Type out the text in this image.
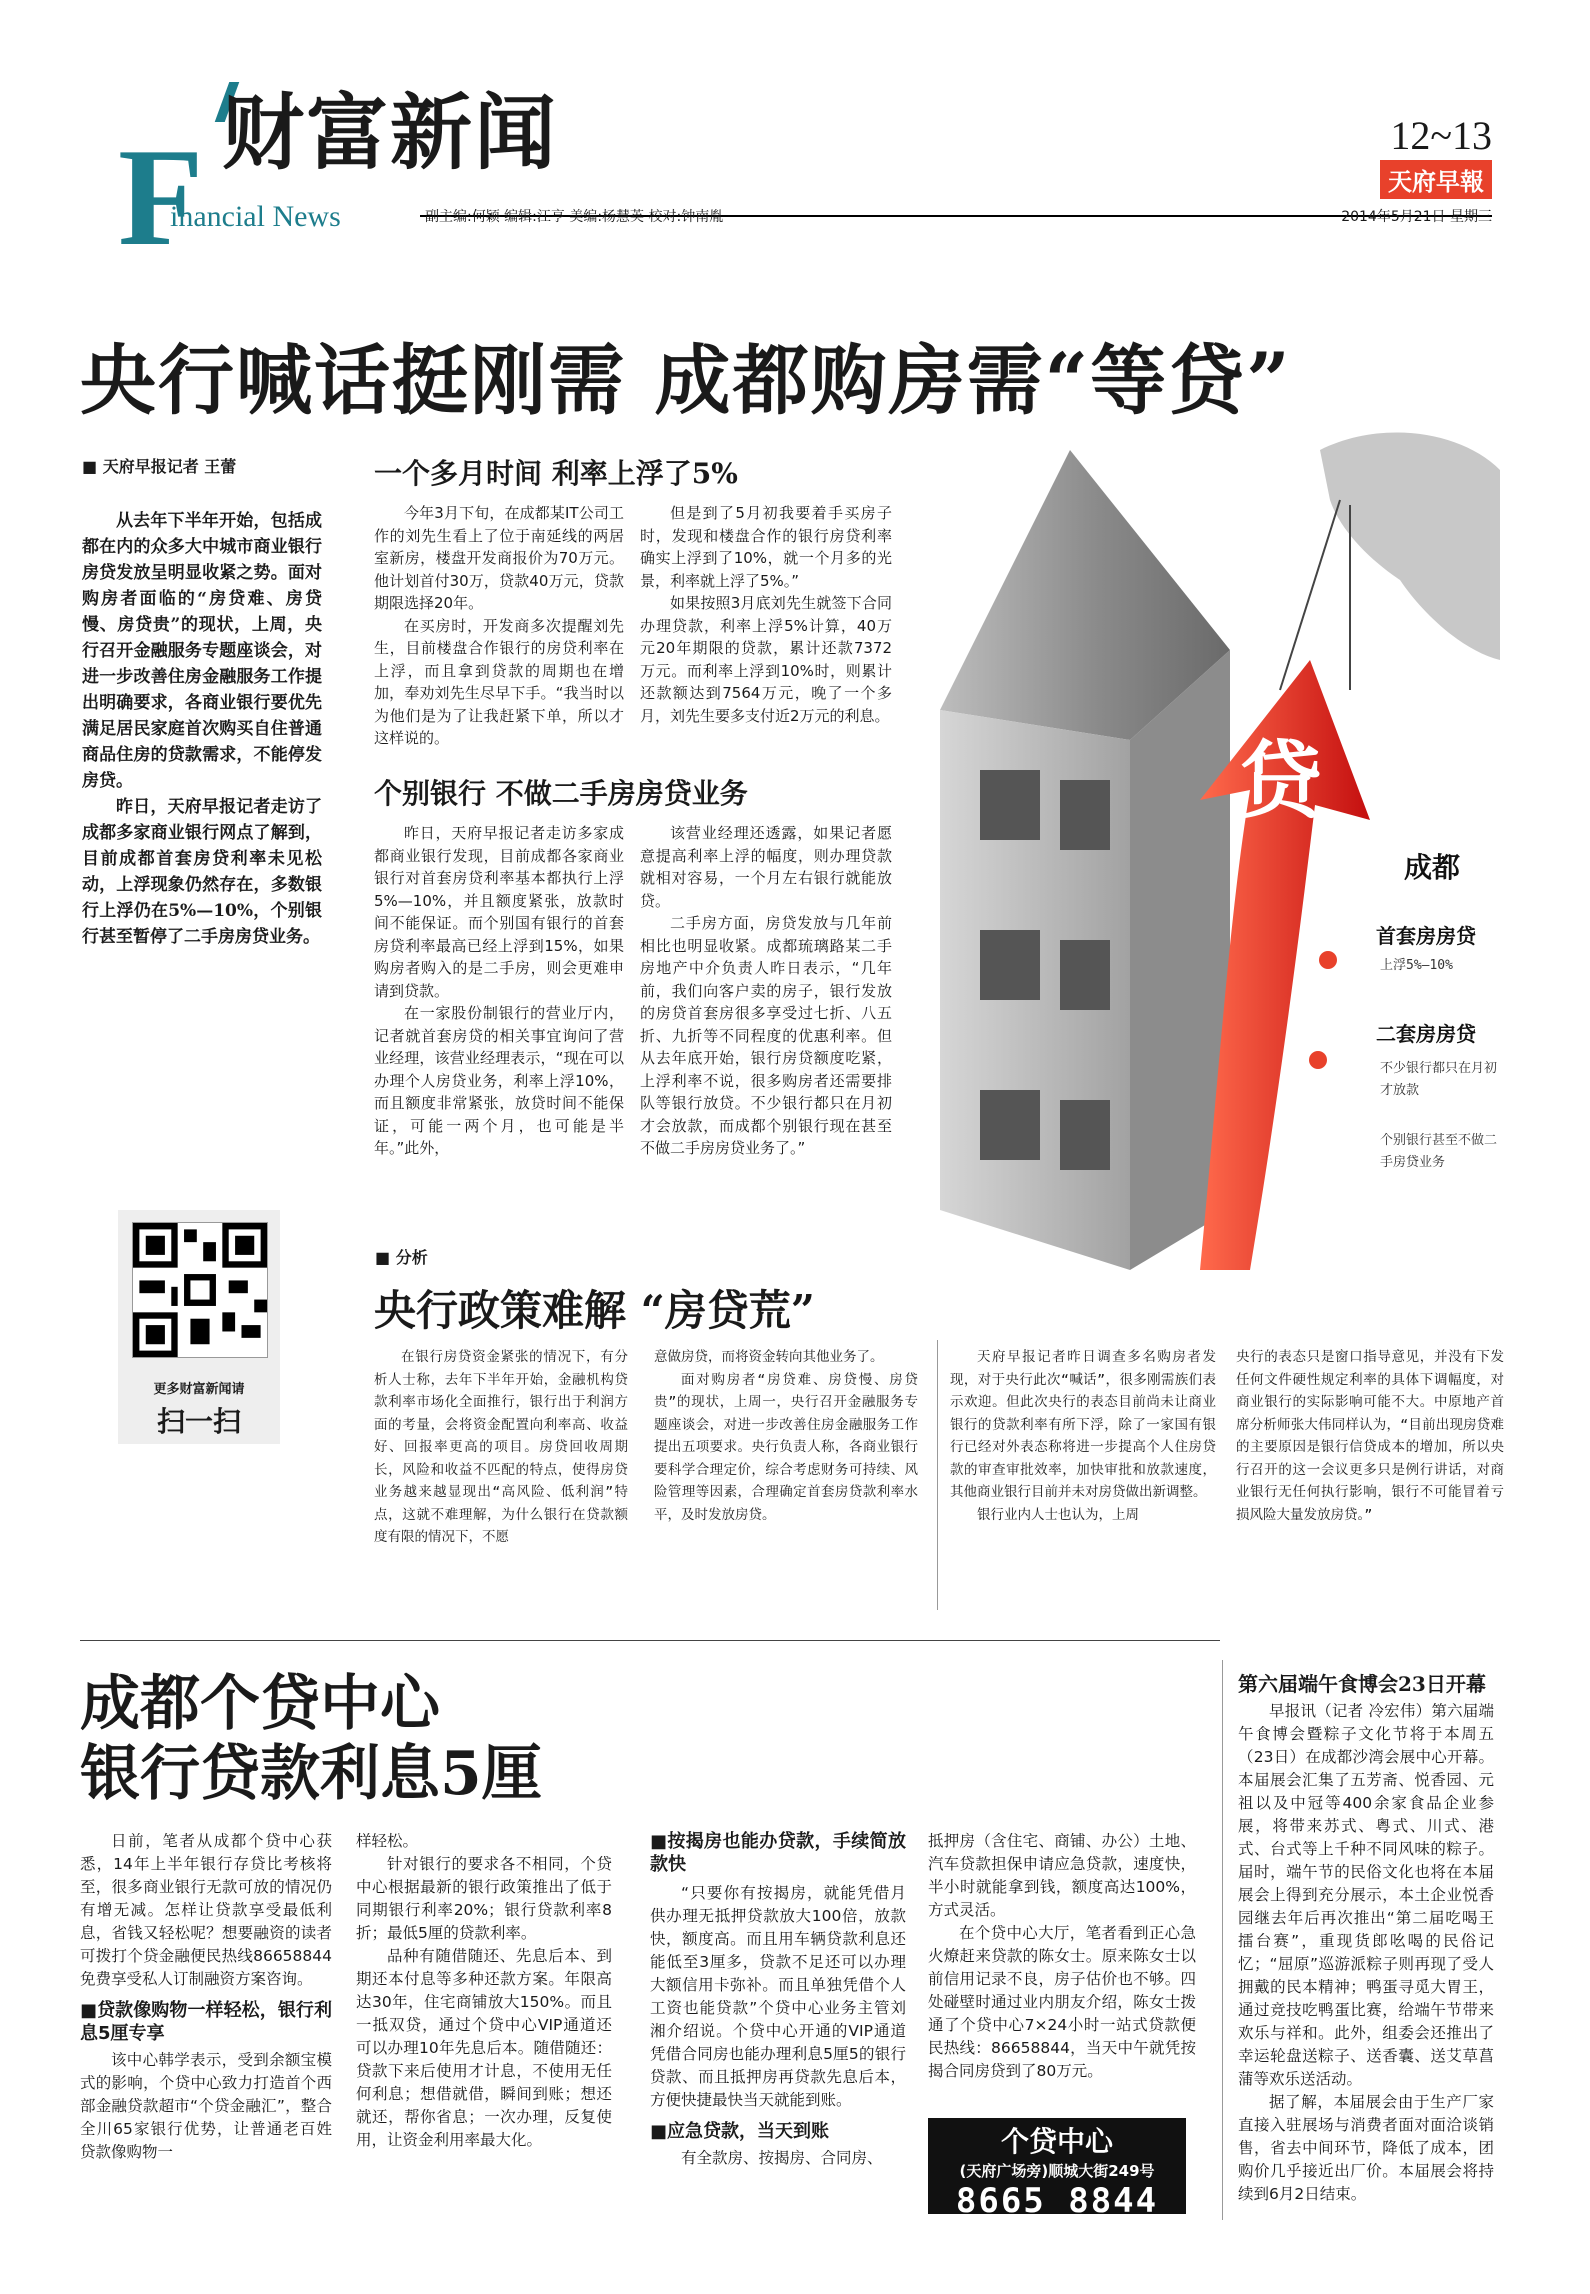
F 财富新闻
inancial News
12~13
天府早報
副主编:何颖 编辑:江亨 美编:杨慧英 校对:钟南胤	2014年5月21日 星期三
央行喊话挺刚需 成都购房需“等贷”
■ 天府早报记者 王蕾

从去年下半年开始，包括成都在内的众多大中城市商业银行房贷发放呈明显收紧之势。面对购房者面临的“房贷难、房贷慢、房贷贵”的现状，上周，央行召开金融服务专题座谈会，对进一步改善住房金融服务工作提出明确要求，各商业银行要优先满足居民家庭首次购买自住普通商品住房的贷款需求，不能停发房贷。

昨日，天府早报记者走访了成都多家商业银行网点了解到，目前成都首套房贷利率未见松动，上浮现象仍然存在，多数银行上浮仍在5%—10%，个别银行甚至暂停了二手房房贷业务。

一个多月时间 利率上浮了5%

今年3月下旬，在成都某IT公司工作的刘先生看上了位于南延线的两居室新房，楼盘开发商报价为70万元。他计划首付30万，贷款40万元，贷款期限选择20年。

在买房时，开发商多次提醒刘先生，目前楼盘合作银行的房贷利率在上浮，而且拿到贷款的周期也在增加，奉劝刘先生尽早下手。“我当时以为他们是为了让我赶紧下单，所以才这样说的。

但是到了5月初我要着手买房子时，发现和楼盘合作的银行房贷利率确实上浮到了10%，就一个月多的光景，利率就上浮了5%。”

如果按照3月底刘先生就签下合同办理贷款，利率上浮5%计算，40万元20年期限的贷款，累计还款7372万元。而利率上浮到10%时，则累计还款额达到7564万元，晚了一个多月，刘先生要多支付近2万元的利息。

个别银行 不做二手房房贷业务

昨日，天府早报记者走访多家成都商业银行发现，目前成都各家商业银行对首套房贷利率基本都执行上浮5%—10%，并且额度紧张，放款时间不能保证。而个别国有银行的首套房贷利率最高已经上浮到15%，如果购房者购入的是二手房，则会更难申请到贷款。

在一家股份制银行的营业厅内，记者就首套房贷的相关事宜询问了营业经理，该营业经理表示，“现在可以办理个人房贷业务，利率上浮10%，而且额度非常紧张，放贷时间不能保证，可能一两个月，也可能是半年。”此外，

该营业经理还透露，如果记者愿意提高利率上浮的幅度，则办理贷款就相对容易，一个月左右银行就能放贷。

二手房方面，房贷发放与几年前相比也明显收紧。成都琉璃路某二手房地产中介负责人昨日表示，“几年前，我们向客户卖的房子，银行发放的房贷首套房很多享受过七折、八五折、九折等不同程度的优惠利率。但从去年底开始，银行房贷额度吃紧，上浮利率不说，很多购房者还需要排队等银行放贷。不少银行都只在月初才会放款，而成都个别银行现在甚至不做二手房房贷业务了。”

贷
成都
首套房房贷
上浮5%—10%
二套房房贷
不少银行都只在月初才放款
个别银行甚至不做二手房贷业务
更多财富新闻请
扫一扫
■ 分析
央行政策难解 “房贷荒”

在银行房贷资金紧张的情况下，有分析人士称，去年下半年开始，金融机构贷款利率市场化全面推行，银行出于利润方面的考量，会将资金配置向利率高、收益好、回报率更高的项目。房贷回收周期长，风险和收益不匹配的特点，使得房贷业务越来越显现出“高风险、低利润”特点，这就不难理解，为什么银行在贷款额度有限的情况下，不愿

意做房贷，而将资金转向其他业务了。

面对购房者“房贷难、房贷慢、房贷贵”的现状，上周一，央行召开金融服务专题座谈会，对进一步改善住房金融服务工作提出五项要求。央行负责人称，各商业银行要科学合理定价，综合考虑财务可持续、风险管理等因素，合理确定首套房贷款利率水平，及时发放房贷。

天府早报记者昨日调查多名购房者发现，对于央行此次“喊话”，很多刚需族们表示欢迎。但此次央行的表态目前尚未让商业银行的贷款利率有所下浮，除了一家国有银行已经对外表态称将进一步提高个人住房贷款的审查审批效率，加快审批和放款速度，其他商业银行目前并未对房贷做出新调整。

银行业内人士也认为，上周

央行的表态只是窗口指导意见，并没有下发任何文件硬性规定利率的具体下调幅度，对商业银行的实际影响可能不大。中原地产首席分析师张大伟同样认为，“目前出现房贷难的主要原因是银行信贷成本的增加，所以央行召开的这一会议更多只是例行讲话，对商业银行无任何执行影响，银行不可能冒着亏损风险大量发放房贷。”

成都个贷中心
银行贷款利息5厘

日前，笔者从成都个贷中心获悉，14年上半年银行存贷比考核将至，很多商业银行无款可放的情况仍有增无减。怎样让贷款享受最低利息，省钱又轻松呢？想要融资的读者可拨打个贷金融便民热线86658844免费享受私人订制融资方案咨询。

■贷款像购物一样轻松，银行利息5厘专享

该中心韩学表示，受到余额宝模式的影响，个贷中心致力打造首个西部金融贷款超市“个贷金融汇”，整合全川65家银行优势，让普通老百姓贷款像购物一

样轻松。

针对银行的要求各不相同，个贷中心根据最新的银行政策推出了低于同期银行利率20%；银行贷款利率8折；最低5厘的贷款利率。

品种有随借随还、先息后本、到期还本付息等多种还款方案。年限高达30年，住宅商铺放大150%。而且一抵双贷，通过个贷中心VIP通道还可以办理10年先息后本。随借随还：贷款下来后使用才计息，不使用无任何利息；想借就借，瞬间到账；想还就还，帮你省息；一次办理，反复使用，让资金利用率最大化。

■按揭房也能办贷款，手续简放款快

“只要你有按揭房，就能凭借月供办理无抵押贷款放大100倍，放款快，额度高。而且用车辆贷款利息还能低至3厘多，贷款不足还可以办理大额信用卡弥补。而且单独凭借个人工资也能贷款”个贷中心业务主管刘湘介绍说。个贷中心开通的VIP通道凭借合同房也能办理利息5厘5的银行贷款、而且抵押房再贷款先息后本，方便快捷最快当天就能到账。

■应急贷款，当天到账

有全款房、按揭房、合同房、

抵押房（含住宅、商铺、办公）土地、汽车贷款担保申请应急贷款，速度快，半小时就能拿到钱，额度高达100%，方式灵活。

在个贷中心大厅，笔者看到正心急火燎赶来贷款的陈女士。原来陈女士以前信用记录不良，房子估价也不够。四处碰壁时通过业内朋友介绍，陈女士拨通了个贷中心7×24小时一站式贷款便民热线：86658844，当天中午就凭按揭合同房贷到了80万元。

个贷中心
(天府广场旁)顺城大街249号
8665 8844
第六届端午食博会23日开幕

早报讯（记者 冷宏伟）第六届端午食博会暨粽子文化节将于本周五（23日）在成都沙湾会展中心开幕。本届展会汇集了五芳斋、悦香园、元祖以及中冠等400余家食品企业参展，将带来苏式、粤式、川式、港式、台式等上千种不同风味的粽子。届时，端午节的民俗文化也将在本届展会上得到充分展示，本土企业悦香园继去年后再次推出“第二届吃喝王擂台赛”，重现货郎吆喝的民俗记忆；“屈原”巡游派粽子则再现了受人拥戴的民本精神；鸭蛋寻觅大胃王，通过竞技吃鸭蛋比赛，给端午节带来欢乐与祥和。此外，组委会还推出了幸运轮盘送粽子、送香囊、送艾草菖蒲等欢乐送活动。

据了解，本届展会由于生产厂家直接入驻展场与消费者面对面洽谈销售，省去中间环节，降低了成本，团购价几乎接近出厂价。本届展会将持续到6月2日结束。
